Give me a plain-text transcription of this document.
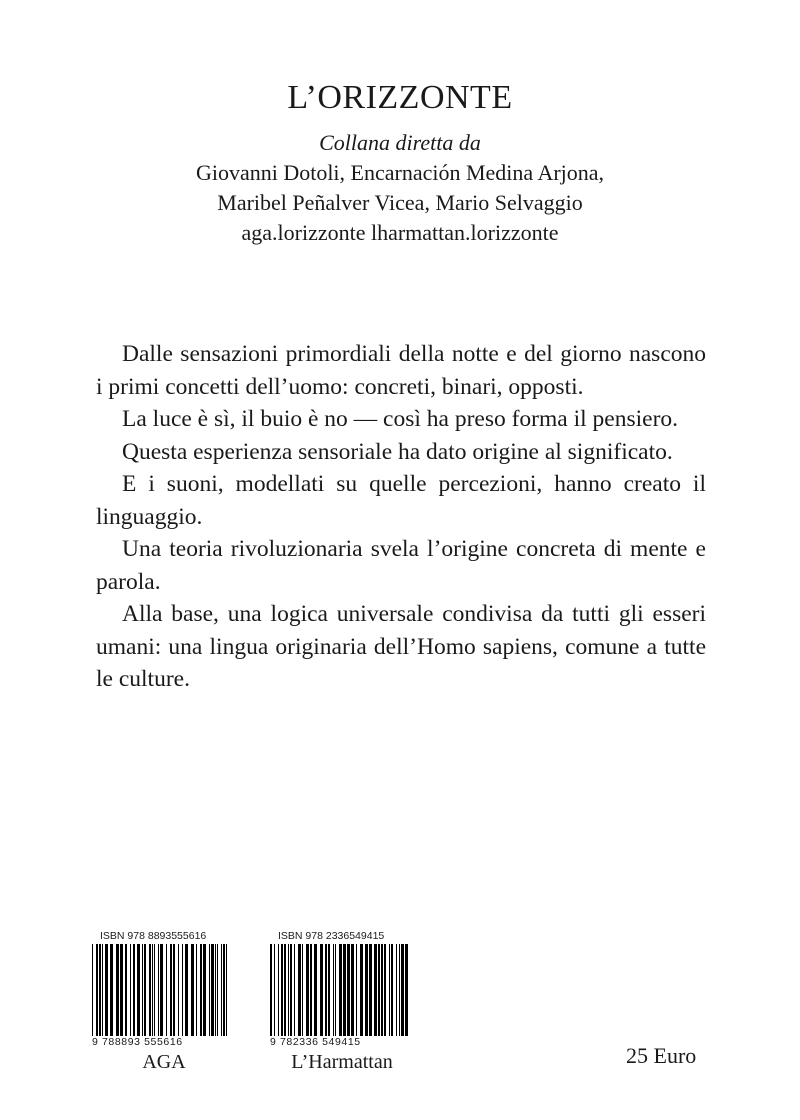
L’ORIZZONTE
Collana diretta da
Giovanni Dotoli, Encarnación Medina Arjona,
Maribel Peñalver Vicea, Mario Selvaggio
aga.lorizzonte lharmattan.lorizzonte

Dalle sensazioni primordiali della notte e del giorno nascono i primi concetti dell’uomo: concreti, binari, opposti.

La luce è sì, il buio è no — così ha preso forma il pensiero.

Questa esperienza sensoriale ha dato origine al significato.

E i suoni, modellati su quelle percezioni, hanno creato il linguaggio.

Una teoria rivoluzionaria svela l’origine concreta di mente e parola.

Alla base, una logica universale condivisa da tutti gli esseri umani: una lingua originaria dell’Homo sapiens, comune a tutte le culture.

ISBN 978 8893555616
9 788893 555616
AGA
ISBN 978 2336549415
9 782336 549415
L’Harmattan	25 Euro
